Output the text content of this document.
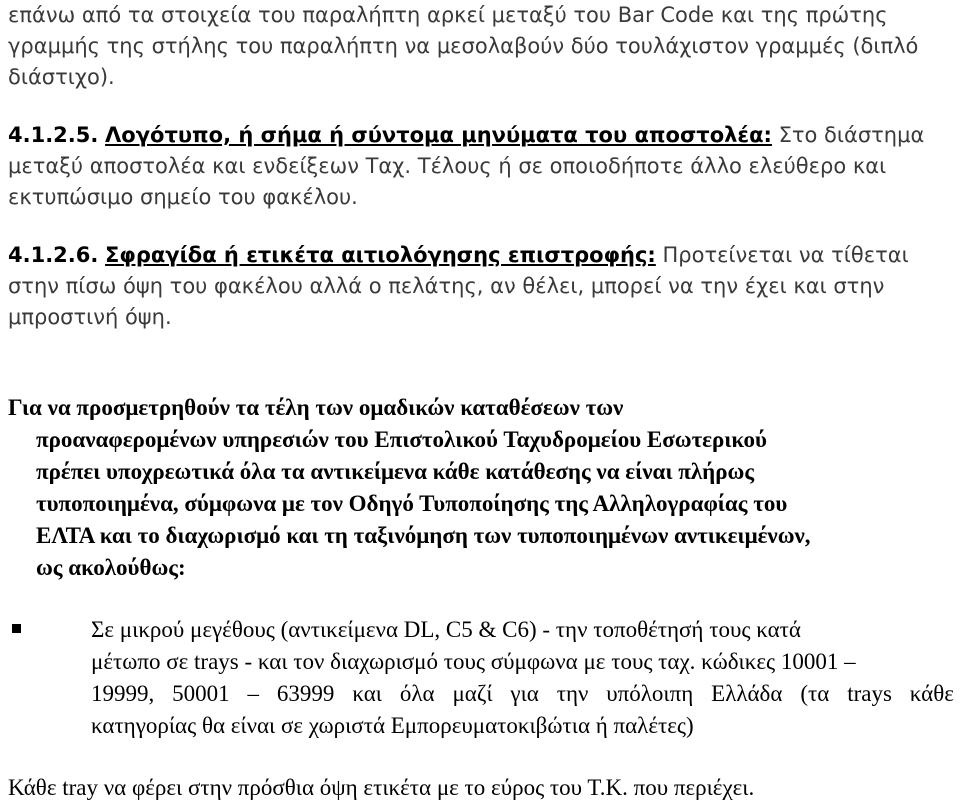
επάνω από τα στοιχεία του παραλήπτη αρκεί μεταξύ του Bar Code και της πρώτης γραμμής της στήλης του παραλήπτη να μεσολαβούν δύο τουλάχιστον γραμμές (διπλό διάστιχο).
4.1.2.5. Λογότυπο, ή σήμα ή σύντομα μηνύματα του αποστολέα: Στο διάστημα μεταξύ αποστολέα και ενδείξεων Ταχ. Τέλους ή σε οποιοδήποτε άλλο ελεύθερο και εκτυπώσιμο σημείο του φακέλου.
4.1.2.6. Σφραγίδα ή ετικέτα αιτιολόγησης επιστροφής: Προτείνεται να τίθεται στην πίσω όψη του φακέλου αλλά ο πελάτης, αν θέλει, μπορεί να την έχει και στην μπροστινή όψη.
Για να προσμετρηθούν τα τέλη των ομαδικών καταθέσεων των
προαναφερομένων υπηρεσιών του Επιστολικού Ταχυδρομείου Εσωτερικού
πρέπει υποχρεωτικά όλα τα αντικείμενα κάθε κατάθεσης να είναι πλήρως
τυποποιημένα, σύμφωνα με τον Οδηγό Τυποποίησης της Αλληλογραφίας του
ΕΛΤΑ και το διαχωρισμό και τη ταξινόμηση των τυποποιημένων αντικειμένων,
ως ακολούθως:
Σε μικρού μεγέθους (αντικείμενα DL, C5 & C6) - την τοποθέτησή τους κατά
μέτωπο σε trays - και τον διαχωρισμό τους σύμφωνα με τους ταχ. κώδικες 10001 –
19999, 50001 – 63999 και όλα μαζί για την υπόλοιπη Ελλάδα (τα trays κάθε
κατηγορίας θα είναι σε χωριστά Εμπορευματοκιβώτια ή παλέτες)
Κάθε tray να φέρει στην πρόσθια όψη ετικέτα με το εύρος του Τ.Κ. που περιέχει.
